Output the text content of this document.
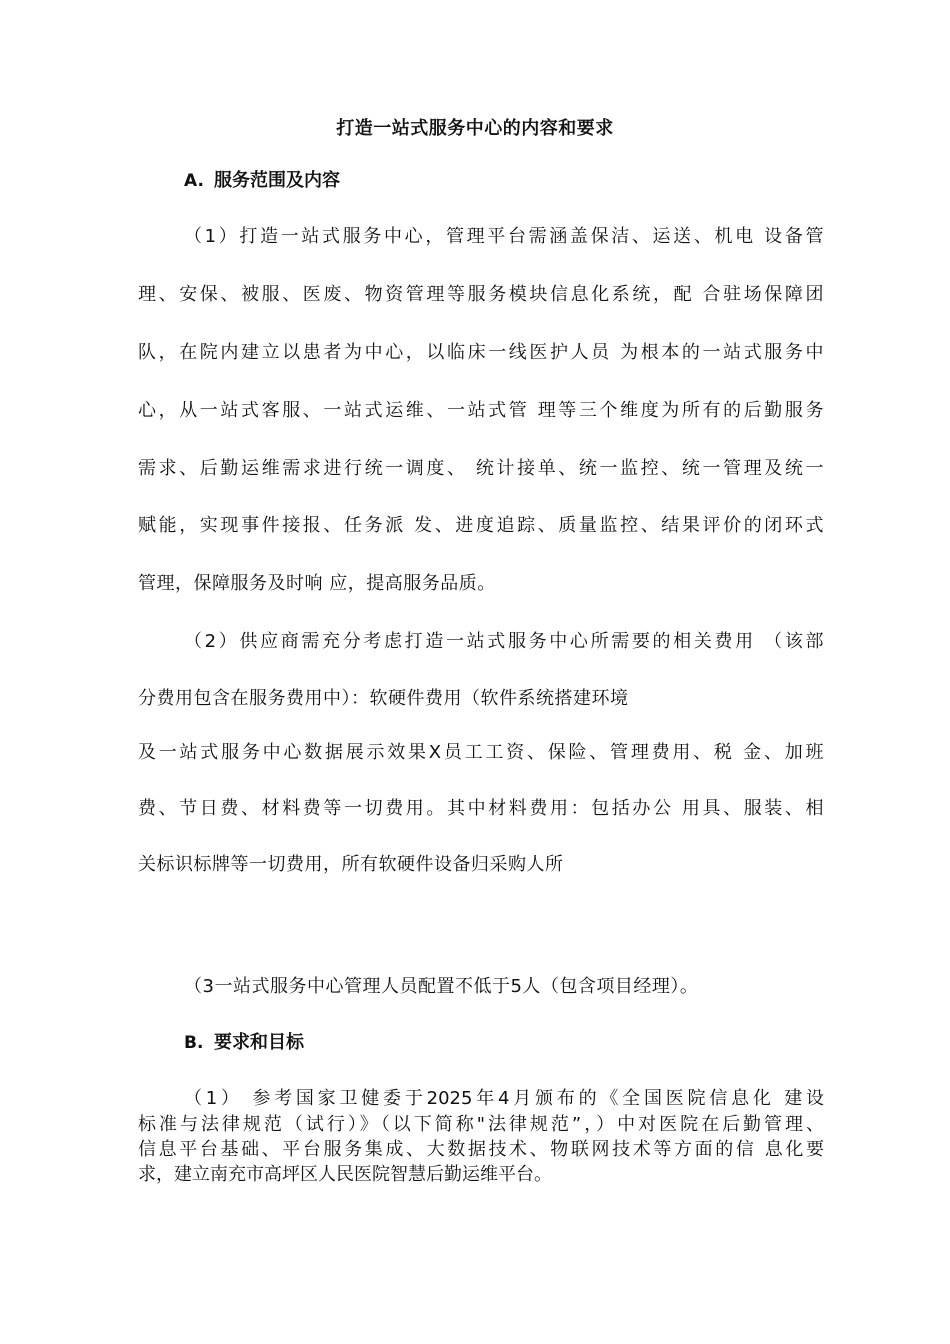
打造一站式服务中心的内容和要求
A. 服务范围及内容
（1）打造一站式服务中心，管理平台需涵盖保洁、运送、机电 设备管
理、安保、被服、医废、物资管理等服务模块信息化系统，配 合驻场保障团
队，在院内建立以患者为中心，以临床一线医护人员 为根本的一站式服务中
心，从一站式客服、一站式运维、一站式管 理等三个维度为所有的后勤服务
需求、后勤运维需求进行统一调度、 统计接单、统一监控、统一管理及统一
赋能，实现事件接报、任务派 发、进度追踪、质量监控、结果评价的闭环式
管理，保障服务及时响 应，提高服务品质。
（2）供应商需充分考虑打造一站式服务中心所需要的相关费用 （该部
分费用包含在服务费用中）：软硬件费用（软件系统搭建环境
及一站式服务中心数据展示效果X员工工资、保险、管理费用、税 金、加班
费、节日费、材料费等一切费用。其中材料费用：包括办公 用具、服装、相
关标识标牌等一切费用，所有软硬件设备归采购人所
（3一站式服务中心管理人员配置不低于5人（包含项目经理）。
B. 要求和目标
（1） 参考国家卫健委于2025年4月颁布的《全国医院信息化 建设
标准与法律规范（试行）》（以下简称"法律规范”，）中对医院在后勤管理、
信息平台基础、平台服务集成、大数据技术、物联网技术等方面的信 息化要
求，建立南充市高坪区人民医院智慧后勤运维平台。
